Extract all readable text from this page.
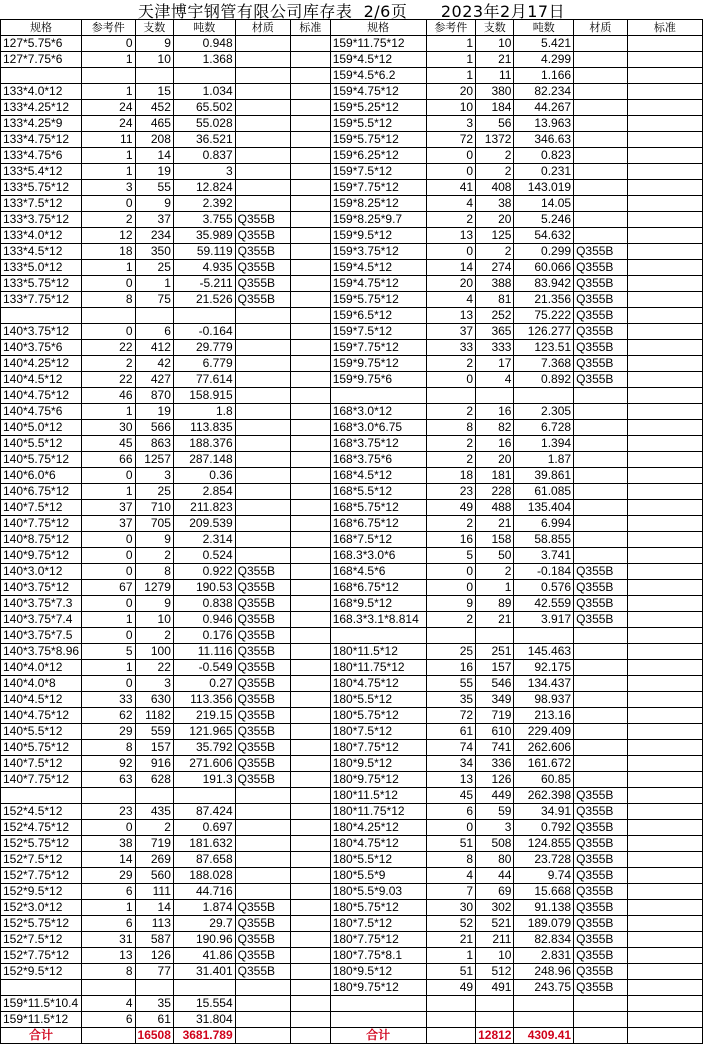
天津博宇钢管有限公司库存表  2/6页      2023年2月17日
规格	参考件	支数	吨数	材质	标准	规格	参考件	支数	吨数	材质	标准
127*5.75*6	0	9	0.948			159*11.75*12	1	10	5.421		
127*7.75*6	1	10	1.368			159*4.5*12	1	21	4.299		
						159*4.5*6.2	1	11	1.166		
133*4.0*12	1	15	1.034			159*4.75*12	20	380	82.234		
133*4.25*12	24	452	65.502			159*5.25*12	10	184	44.267		
133*4.25*9	24	465	55.028			159*5.5*12	3	56	13.963		
133*4.75*12	11	208	36.521			159*5.75*12	72	1372	346.63		
133*4.75*6	1	14	0.837			159*6.25*12	0	2	0.823		
133*5.4*12	1	19	3			159*7.5*12	0	2	0.231		
133*5.75*12	3	55	12.824			159*7.75*12	41	408	143.019		
133*7.5*12	0	9	2.392			159*8.25*12	4	38	14.05		
133*3.75*12	2	37	3.755	Q355B		159*8.25*9.7	2	20	5.246		
133*4.0*12	12	234	35.989	Q355B		159*9.5*12	13	125	54.632		
133*4.5*12	18	350	59.119	Q355B		159*3.75*12	0	2	0.299	Q355B	
133*5.0*12	1	25	4.935	Q355B		159*4.5*12	14	274	60.066	Q355B	
133*5.75*12	0	1	-5.211	Q355B		159*4.75*12	20	388	83.942	Q355B	
133*7.75*12	8	75	21.526	Q355B		159*5.75*12	4	81	21.356	Q355B	
						159*6.5*12	13	252	75.222	Q355B	
140*3.75*12	0	6	-0.164			159*7.5*12	37	365	126.277	Q355B	
140*3.75*6	22	412	29.779			159*7.75*12	33	333	123.51	Q355B	
140*4.25*12	2	42	6.779			159*9.75*12	2	17	7.368	Q355B	
140*4.5*12	22	427	77.614			159*9.75*6	0	4	0.892	Q355B	
140*4.75*12	46	870	158.915								
140*4.75*6	1	19	1.8			168*3.0*12	2	16	2.305		
140*5.0*12	30	566	113.835			168*3.0*6.75	8	82	6.728		
140*5.5*12	45	863	188.376			168*3.75*12	2	16	1.394		
140*5.75*12	66	1257	287.148			168*3.75*6	2	20	1.87		
140*6.0*6	0	3	0.36			168*4.5*12	18	181	39.861		
140*6.75*12	1	25	2.854			168*5.5*12	23	228	61.085		
140*7.5*12	37	710	211.823			168*5.75*12	49	488	135.404		
140*7.75*12	37	705	209.539			168*6.75*12	2	21	6.994		
140*8.75*12	0	9	2.314			168*7.5*12	16	158	58.855		
140*9.75*12	0	2	0.524			168.3*3.0*6	5	50	3.741		
140*3.0*12	0	8	0.922	Q355B		168*4.5*6	0	2	-0.184	Q355B	
140*3.75*12	67	1279	190.53	Q355B		168*6.75*12	0	1	0.576	Q355B	
140*3.75*7.3	0	9	0.838	Q355B		168*9.5*12	9	89	42.559	Q355B	
140*3.75*7.4	1	10	0.946	Q355B		168.3*3.1*8.814	2	21	3.917	Q355B	
140*3.75*7.5	0	2	0.176	Q355B							
140*3.75*8.96	5	100	11.116	Q355B		180*11.5*12	25	251	145.463		
140*4.0*12	1	22	-0.549	Q355B		180*11.75*12	16	157	92.175		
140*4.0*8	0	3	0.27	Q355B		180*4.75*12	55	546	134.437		
140*4.5*12	33	630	113.356	Q355B		180*5.5*12	35	349	98.937		
140*4.75*12	62	1182	219.15	Q355B		180*5.75*12	72	719	213.16		
140*5.5*12	29	559	121.965	Q355B		180*7.5*12	61	610	229.409		
140*5.75*12	8	157	35.792	Q355B		180*7.75*12	74	741	262.606		
140*7.5*12	92	916	271.606	Q355B		180*9.5*12	34	336	161.672		
140*7.75*12	63	628	191.3	Q355B		180*9.75*12	13	126	60.85		
						180*11.5*12	45	449	262.398	Q355B	
152*4.5*12	23	435	87.424			180*11.75*12	6	59	34.91	Q355B	
152*4.75*12	0	2	0.697			180*4.25*12	0	3	0.792	Q355B	
152*5.75*12	38	719	181.632			180*4.75*12	51	508	124.855	Q355B	
152*7.5*12	14	269	87.658			180*5.5*12	8	80	23.728	Q355B	
152*7.75*12	29	560	188.028			180*5.5*9	4	44	9.74	Q355B	
152*9.5*12	6	111	44.716			180*5.5*9.03	7	69	15.668	Q355B	
152*3.0*12	1	14	1.874	Q355B		180*5.75*12	30	302	91.138	Q355B	
152*5.75*12	6	113	29.7	Q355B		180*7.5*12	52	521	189.079	Q355B	
152*7.5*12	31	587	190.96	Q355B		180*7.75*12	21	211	82.834	Q355B	
152*7.75*12	13	126	41.86	Q355B		180*7.75*8.1	1	10	2.831	Q355B	
152*9.5*12	8	77	31.401	Q355B		180*9.5*12	51	512	248.96	Q355B	
						180*9.75*12	49	491	243.75	Q355B	
159*11.5*10.4	4	35	15.554								
159*11.5*12	6	61	31.804								
合计		16508	3681.789			合计		12812	4309.41		
